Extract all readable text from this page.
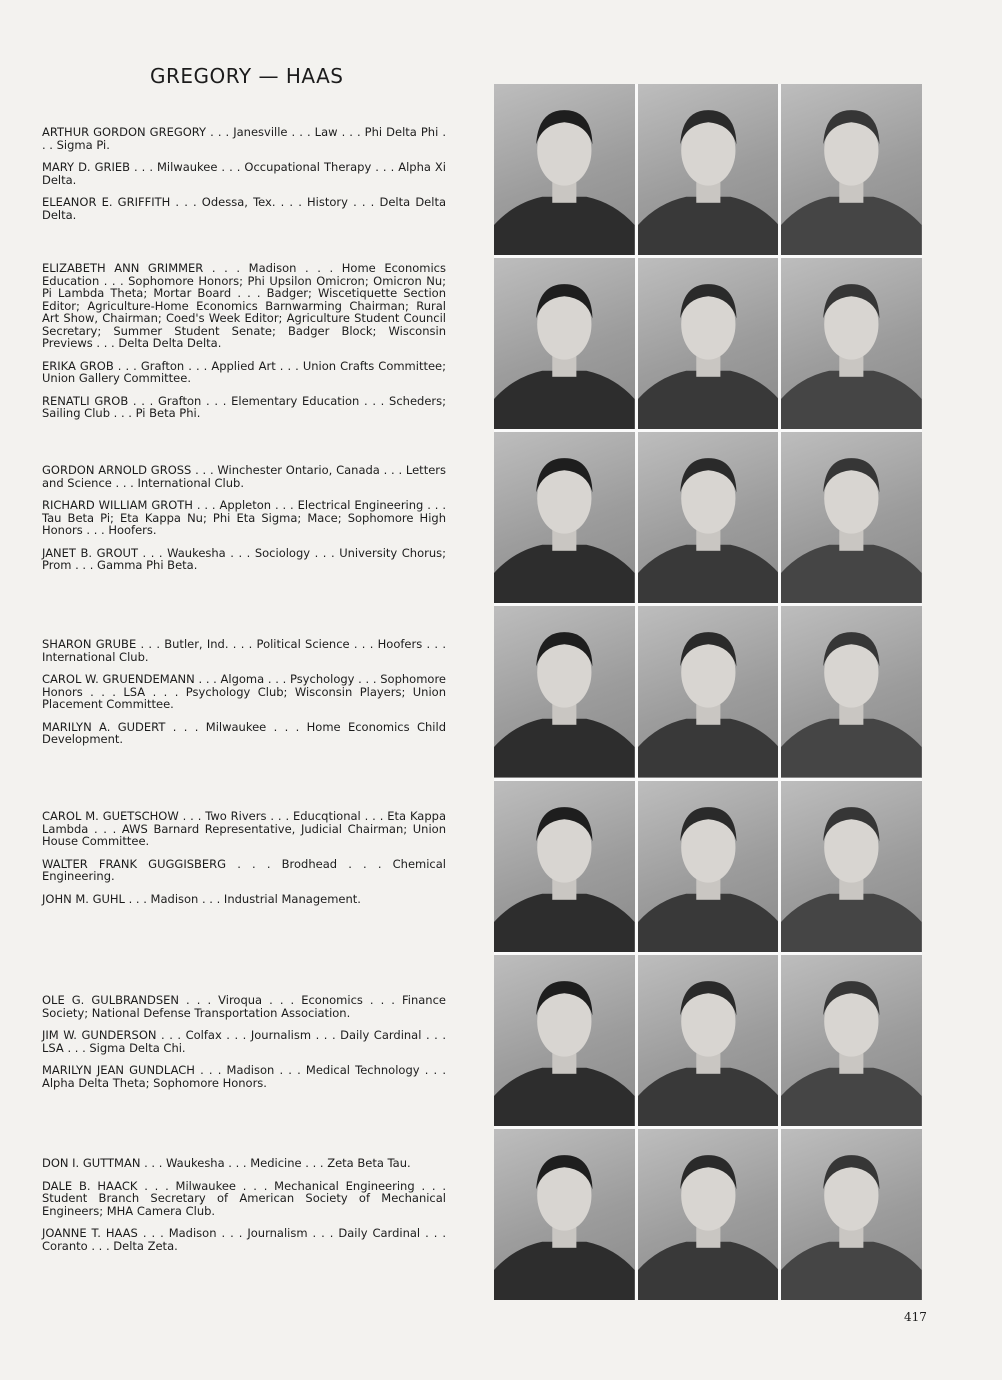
GREGORY — HAAS

ARTHUR GORDON GREGORY . . . Janesville . . . Law . . . Phi Delta Phi . . . Sigma Pi.

MARY D. GRIEB . . . Milwaukee . . . Occupational Therapy . . . Alpha Xi Delta.

ELEANOR E. GRIFFITH . . . Odessa, Tex. . . . History . . . Delta Delta Delta.

ELIZABETH ANN GRIMMER . . . Madison . . . Home Economics Education . . . Sophomore Honors; Phi Upsilon Omicron; Omicron Nu; Pi Lambda Theta; Mortar Board . . . Badger; Wiscetiquette Section Editor; Agriculture-Home Economics Barnwarming Chairman; Rural Art Show, Chairman; Coed's Week Editor; Agriculture Student Council Secretary; Summer Student Senate; Badger Block; Wisconsin Previews . . . Delta Delta Delta.

ERIKA GROB . . . Grafton . . . Applied Art . . . Union Crafts Committee; Union Gallery Committee.

RENATLI GROB . . . Grafton . . . Elementary Education . . . Scheders; Sailing Club . . . Pi Beta Phi.

GORDON ARNOLD GROSS . . . Winchester Ontario, Canada . . . Letters and Science . . . International Club.

RICHARD WILLIAM GROTH . . . Appleton . . . Electrical Engineering . . . Tau Beta Pi; Eta Kappa Nu; Phi Eta Sigma; Mace; Sophomore High Honors . . . Hoofers.

JANET B. GROUT . . . Waukesha . . . Sociology . . . University Chorus; Prom . . . Gamma Phi Beta.

SHARON GRUBE . . . Butler, Ind. . . . Political Science . . . Hoofers . . . International Club.

CAROL W. GRUENDEMANN . . . Algoma . . . Psychology . . . Sophomore Honors . . . LSA . . . Psychology Club; Wisconsin Players; Union Placement Committee.

MARILYN A. GUDERT . . . Milwaukee . . . Home Economics Child Development.

CAROL M. GUETSCHOW . . . Two Rivers . . . Educqtional . . . Eta Kappa Lambda . . . AWS Barnard Representative, Judicial Chairman; Union House Committee.

WALTER FRANK GUGGISBERG . . . Brodhead . . . Chemical Engineering.

JOHN M. GUHL . . . Madison . . . Industrial Management.

OLE G. GULBRANDSEN . . . Viroqua . . . Economics . . . Finance Society; National Defense Transportation Association.

JIM W. GUNDERSON . . . Colfax . . . Journalism . . . Daily Cardinal . . . LSA . . . Sigma Delta Chi.

MARILYN JEAN GUNDLACH . . . Madison . . . Medical Technology . . . Alpha Delta Theta; Sophomore Honors.

DON I. GUTTMAN . . . Waukesha . . . Medicine . . . Zeta Beta Tau.

DALE B. HAACK . . . Milwaukee . . . Mechanical Engineering . . . Student Branch Secretary of American Society of Mechanical Engineers; MHA Camera Club.

JOANNE T. HAAS . . . Madison . . . Journalism . . . Daily Cardinal . . . Coranto . . . Delta Zeta.

417
